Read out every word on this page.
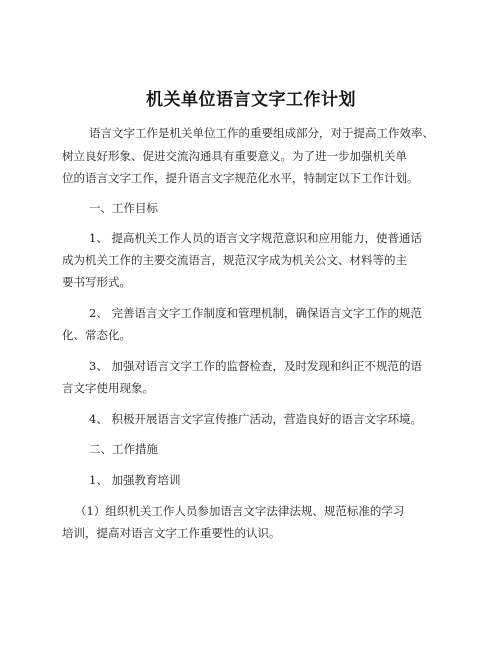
机关单位语言文字工作计划
语言文字工作是机关单位工作的重要组成部分，对于提高工作效率、
树立良好形象、促进交流沟通具有重要意义。为了进一步加强机关单
位的语言文字工作，提升语言文字规范化水平，特制定以下工作计划。
一、工作目标
1、 提高机关工作人员的语言文字规范意识和应用能力，使普通话
成为机关工作的主要交流语言，规范汉字成为机关公文、材料等的主
要书写形式。
2、 完善语言文字工作制度和管理机制，确保语言文字工作的规范
化、常态化。
3、 加强对语言文字工作的监督检查，及时发现和纠正不规范的语
言文字使用现象。
4、 积极开展语言文字宣传推广活动，营造良好的语言文字环境。
二、工作措施
1、 加强教育培训
（1）组织机关工作人员参加语言文字法律法规、规范标准的学习
培训，提高对语言文字工作重要性的认识。
